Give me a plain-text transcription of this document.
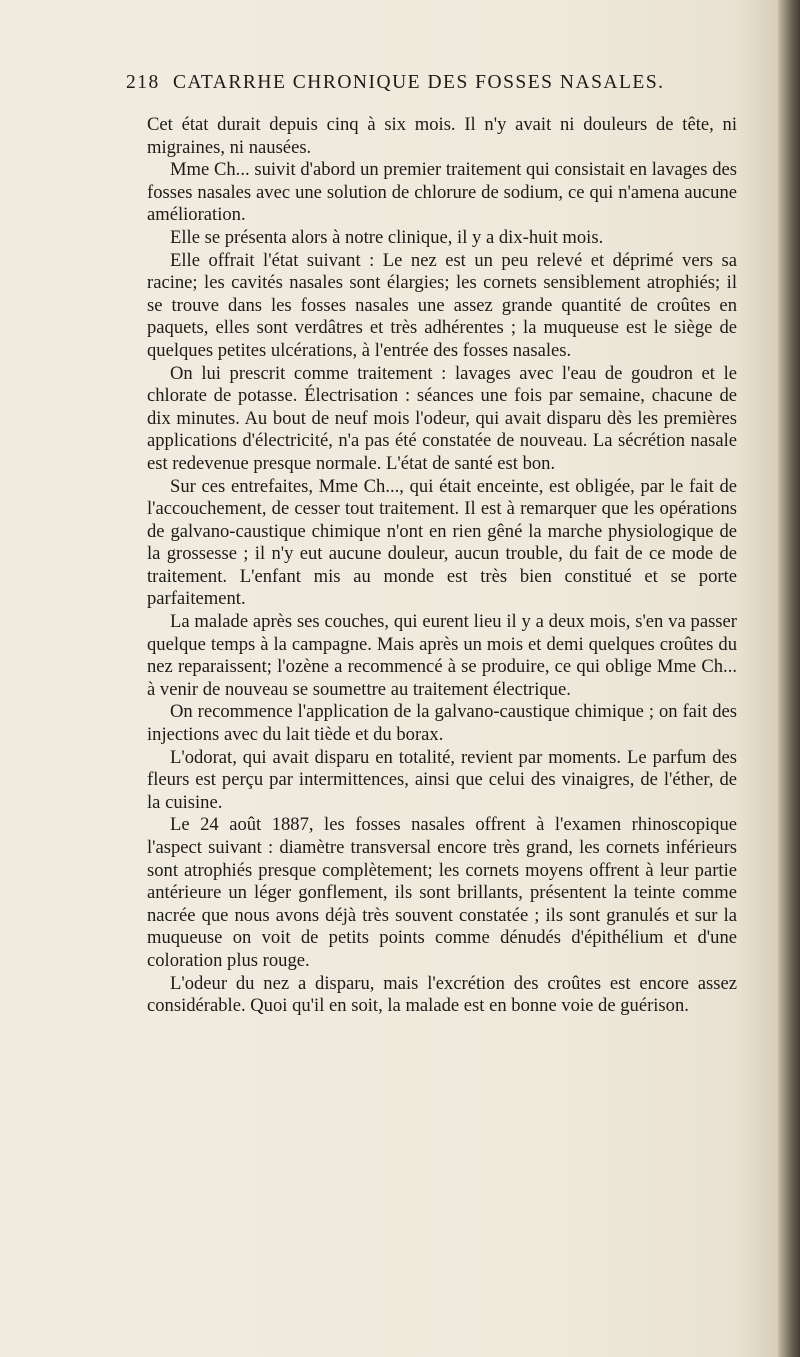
218 CATARRHE CHRONIQUE DES FOSSES NASALES.

Cet état durait depuis cinq à six mois. Il n'y avait ni douleurs de tête, ni migraines, ni nausées.

Mme Ch... suivit d'abord un premier traitement qui consistait en lavages des fosses nasales avec une solution de chlorure de sodium, ce qui n'amena aucune amélioration.

Elle se présenta alors à notre clinique, il y a dix-huit mois.

Elle offrait l'état suivant : Le nez est un peu relevé et déprimé vers sa racine; les cavités nasales sont élargies; les cornets sensiblement atrophiés; il se trouve dans les fosses nasales une assez grande quantité de croûtes en paquets, elles sont verdâtres et très adhérentes ; la muqueuse est le siège de quelques petites ulcérations, à l'entrée des fosses nasales.

On lui prescrit comme traitement : lavages avec l'eau de goudron et le chlorate de potasse. Électrisation : séances une fois par semaine, chacune de dix minutes. Au bout de neuf mois l'odeur, qui avait disparu dès les premières applications d'électricité, n'a pas été constatée de nouveau. La sécrétion nasale est redevenue presque normale. L'état de santé est bon.

Sur ces entrefaites, Mme Ch..., qui était enceinte, est obligée, par le fait de l'accouchement, de cesser tout traitement. Il est à remarquer que les opérations de galvano-caustique chimique n'ont en rien gêné la marche physiologique de la grossesse ; il n'y eut aucune douleur, aucun trouble, du fait de ce mode de traitement. L'enfant mis au monde est très bien constitué et se porte parfaitement.

La malade après ses couches, qui eurent lieu il y a deux mois, s'en va passer quelque temps à la campagne. Mais après un mois et demi quelques croûtes du nez reparaissent; l'ozène a recommencé à se produire, ce qui oblige Mme Ch... à venir de nouveau se soumettre au traitement électrique.

On recommence l'application de la galvano-caustique chimique ; on fait des injections avec du lait tiède et du borax.

L'odorat, qui avait disparu en totalité, revient par moments. Le parfum des fleurs est perçu par intermittences, ainsi que celui des vinaigres, de l'éther, de la cuisine.

Le 24 août 1887, les fosses nasales offrent à l'examen rhinoscopique l'aspect suivant : diamètre transversal encore très grand, les cornets inférieurs sont atrophiés presque complètement; les cornets moyens offrent à leur partie antérieure un léger gonflement, ils sont brillants, présentent la teinte comme nacrée que nous avons déjà très souvent constatée ; ils sont granulés et sur la muqueuse on voit de petits points comme dénudés d'épithélium et d'une coloration plus rouge.

L'odeur du nez a disparu, mais l'excrétion des croûtes est encore assez considérable. Quoi qu'il en soit, la malade est en bonne voie de guérison.
